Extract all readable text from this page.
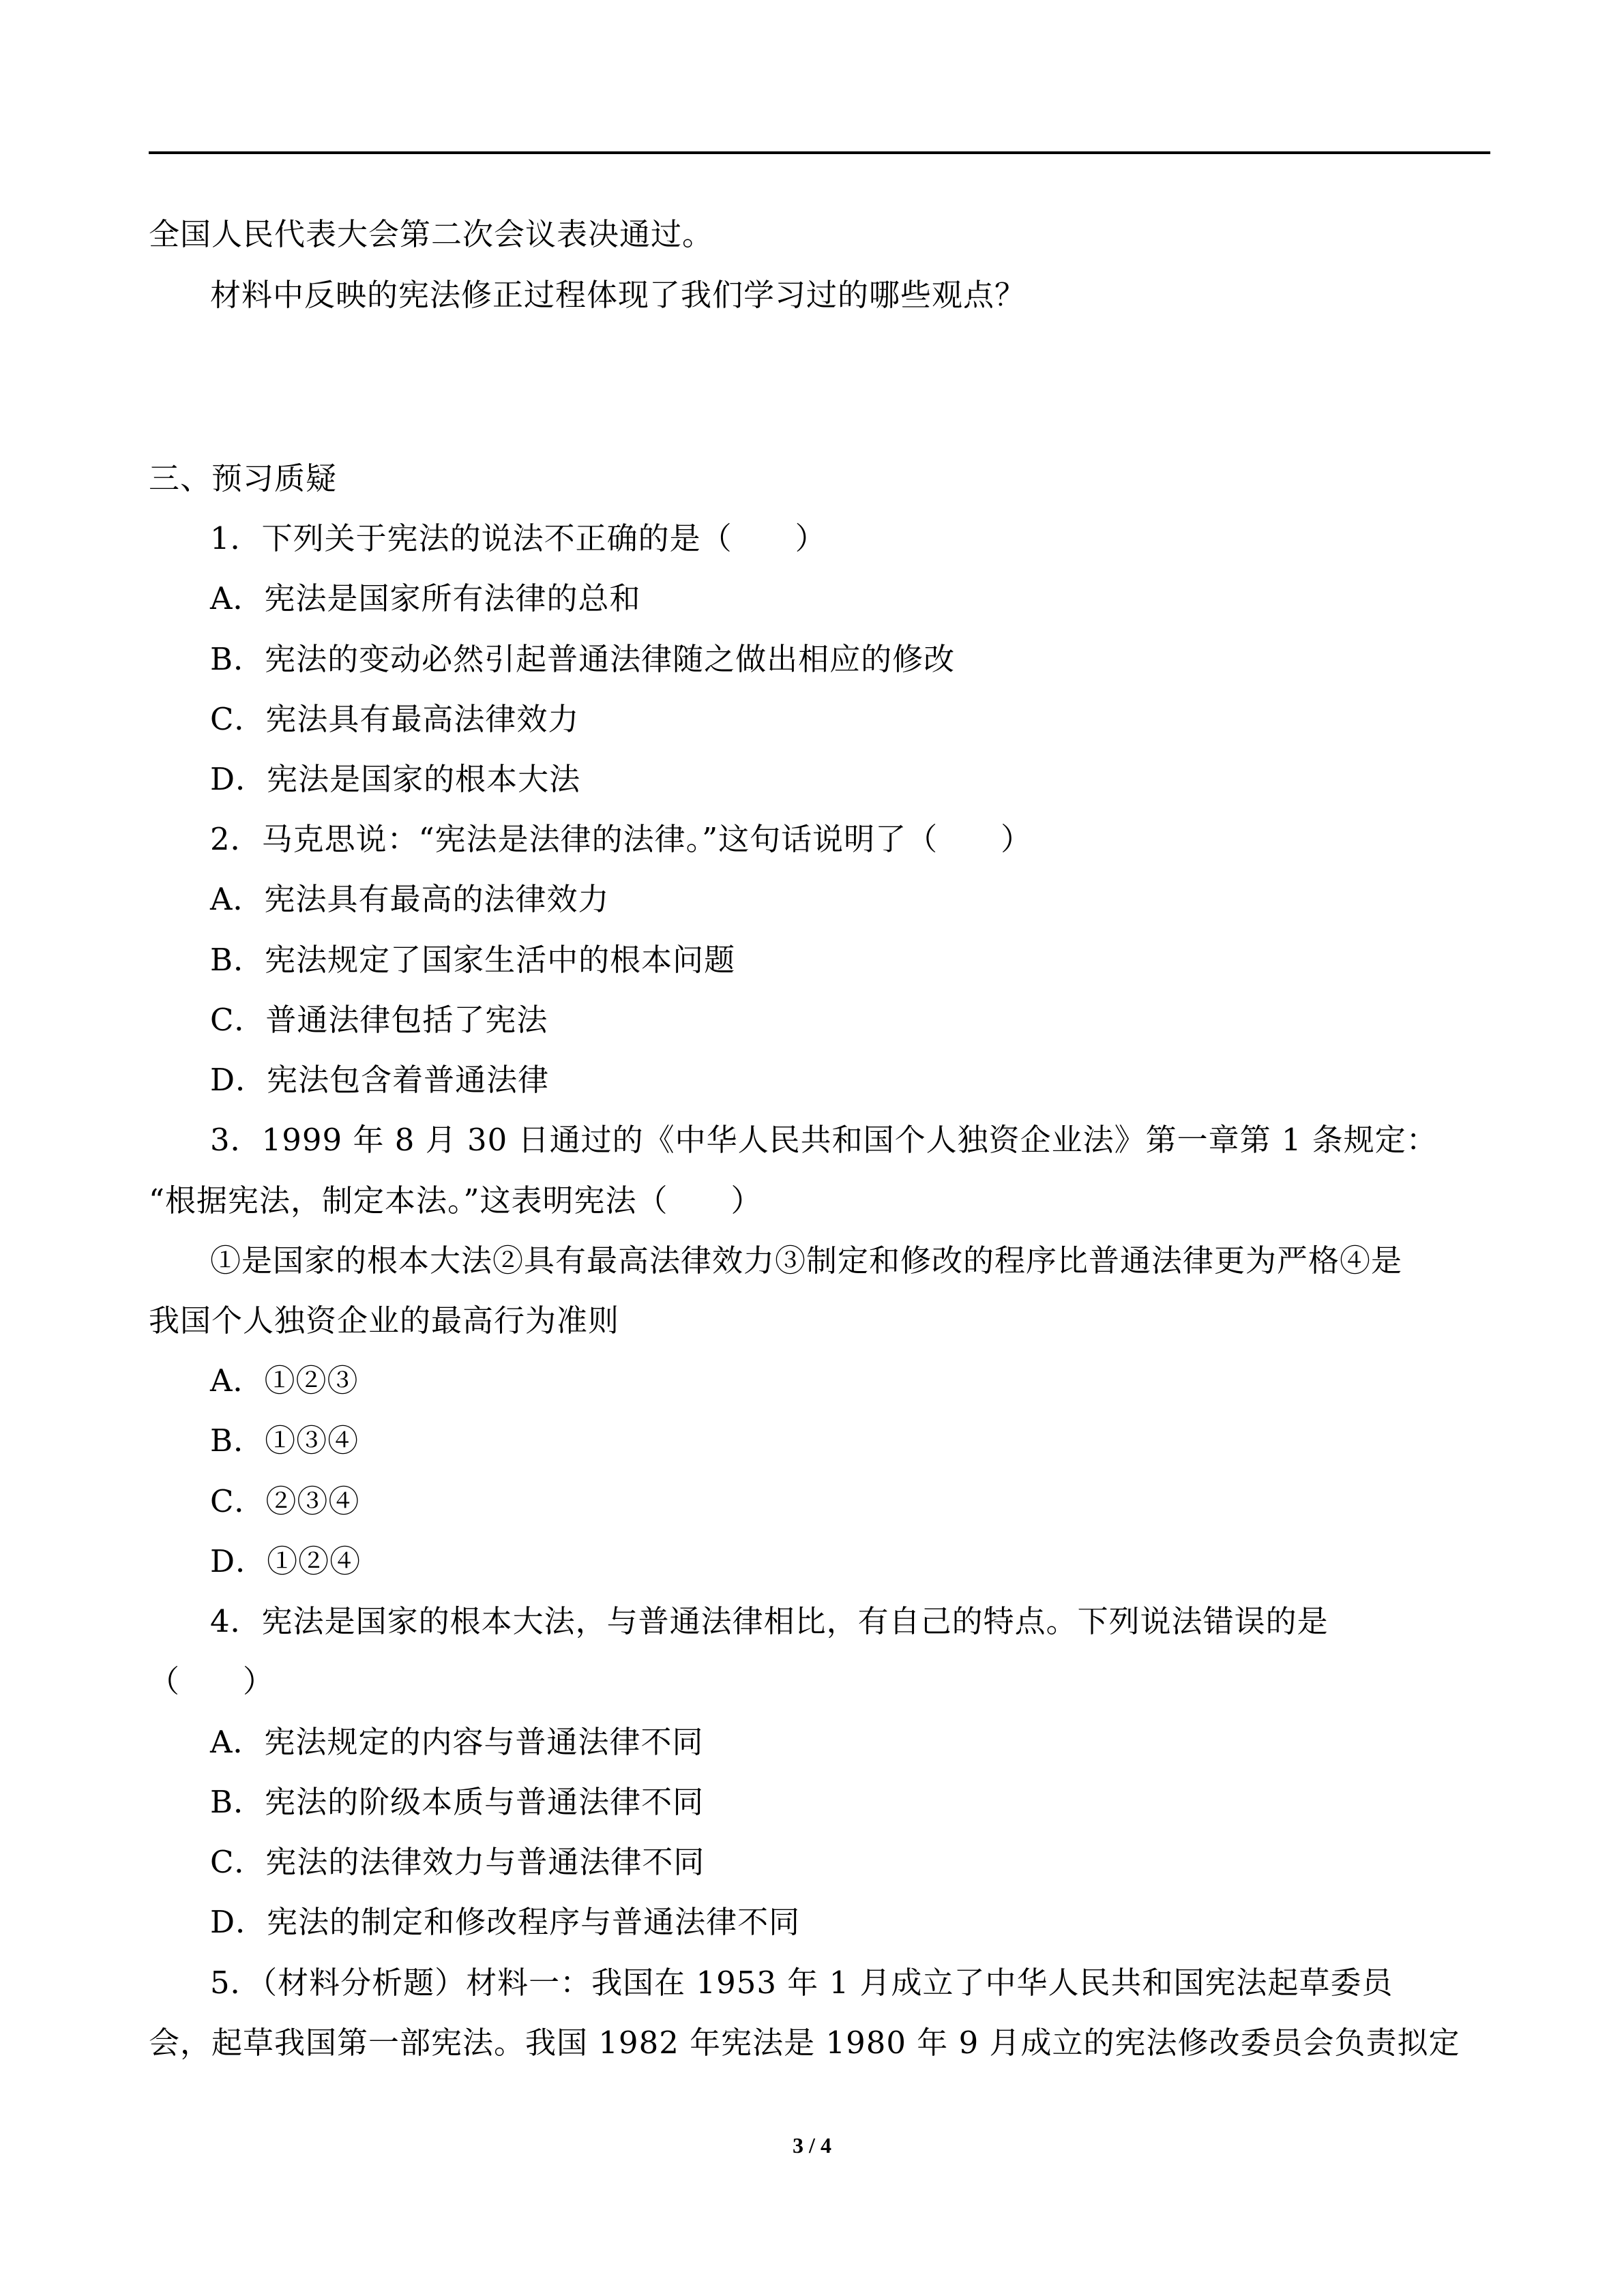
全国人民代表大会第二次会议表决通过。
材料中反映的宪法修正过程体现了我们学习过的哪些观点？
三、预习质疑
1．下列关于宪法的说法不正确的是（　　）
A．宪法是国家所有法律的总和
B．宪法的变动必然引起普通法律随之做出相应的修改
C．宪法具有最高法律效力
D．宪法是国家的根本大法
2．马克思说：“宪法是法律的法律。”这句话说明了（　　）
A．宪法具有最高的法律效力
B．宪法规定了国家生活中的根本问题
C．普通法律包括了宪法
D．宪法包含着普通法律
3．1999 年 8 月 30 日通过的《中华人民共和国个人独资企业法》第一章第 1 条规定：
“根据宪法，制定本法。”这表明宪法（　　）
①是国家的根本大法②具有最高法律效力③制定和修改的程序比普通法律更为严格④是
我国个人独资企业的最高行为准则
A．①②③
B．①③④
C．②③④
D．①②④
4．宪法是国家的根本大法，与普通法律相比，有自己的特点。下列说法错误的是
（　　）
A．宪法规定的内容与普通法律不同
B．宪法的阶级本质与普通法律不同
C．宪法的法律效力与普通法律不同
D．宪法的制定和修改程序与普通法律不同
5．（材料分析题）材料一：我国在 1953 年 1 月成立了中华人民共和国宪法起草委员
会，起草我国第一部宪法。我国 1982 年宪法是 1980 年 9 月成立的宪法修改委员会负责拟定
3 / 4
